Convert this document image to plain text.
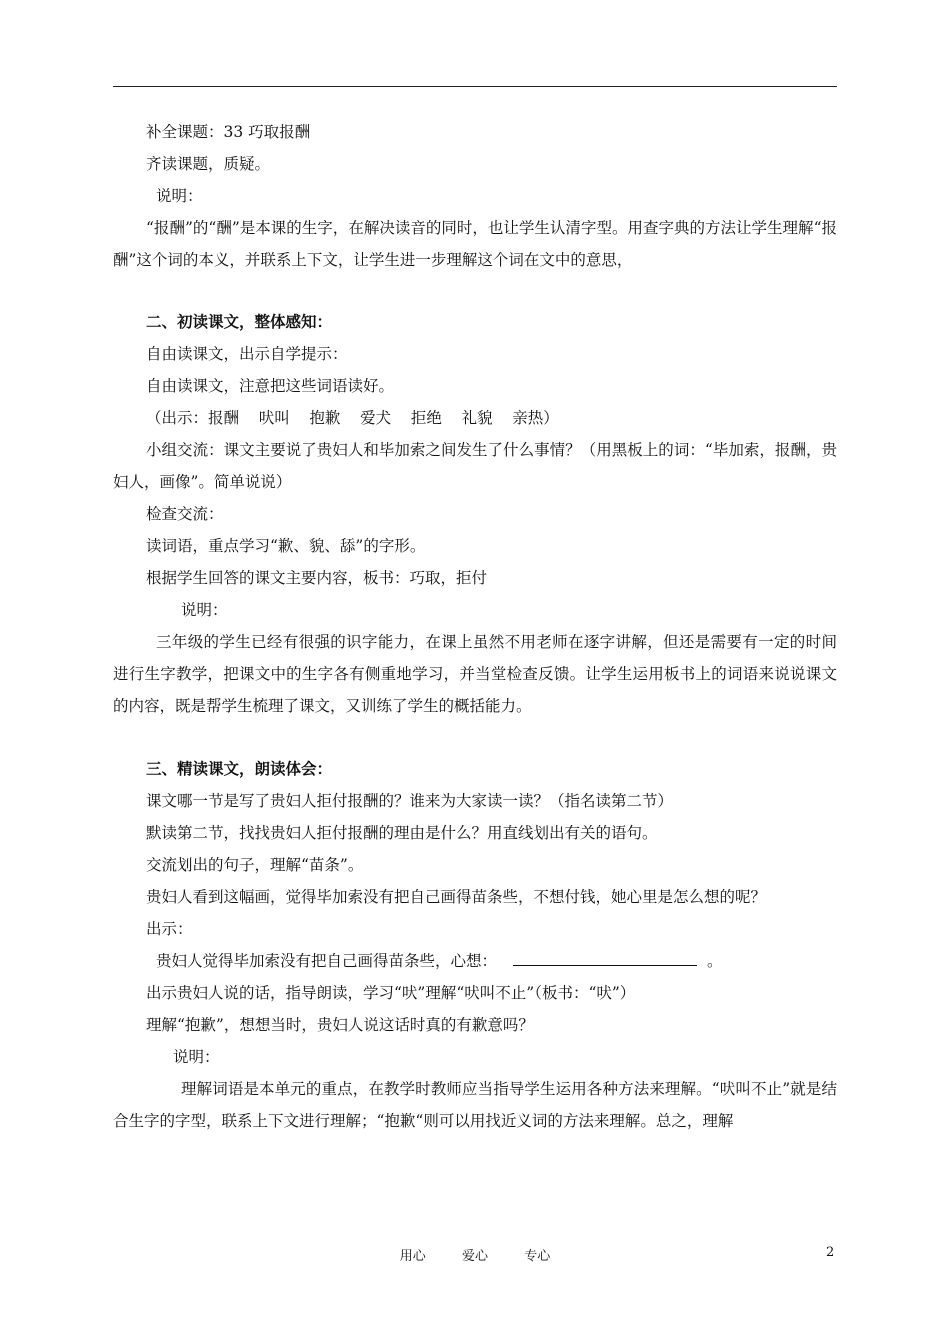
补全课题：33 巧取报酬

齐读课题，质疑。

说明：

“报酬”的“酬”是本课的生字，在解决读音的同时，也让学生认清字型。用查字典的方法让学生理解“报酬”这个词的本义，并联系上下文，让学生进一步理解这个词在文中的意思，

二、初读课文，整体感知：

自由读课文，出示自学提示：

自由读课文，注意把这些词语读好。

（出示：报酬    吠叫    抱歉    爱犬    拒绝    礼貌    亲热）

小组交流：课文主要说了贵妇人和毕加索之间发生了什么事情？（用黑板上的词：“毕加索，报酬，贵妇人，画像”。简单说说）

检查交流：

读词语，重点学习“歉、貌、舔”的字形。

根据学生回答的课文主要内容，板书：巧取，拒付

说明：

三年级的学生已经有很强的识字能力，在课上虽然不用老师在逐字讲解，但还是需要有一定的时间进行生字教学，把课文中的生字各有侧重地学习，并当堂检查反馈。让学生运用板书上的词语来说说课文的内容，既是帮学生梳理了课文，又训练了学生的概括能力。

三、精读课文，朗读体会：

课文哪一节是写了贵妇人拒付报酬的？谁来为大家读一读？（指名读第二节）

默读第二节，找找贵妇人拒付报酬的理由是什么？用直线划出有关的语句。

交流划出的句子，理解“苗条”。

贵妇人看到这幅画，觉得毕加索没有把自己画得苗条些，不想付钱，她心里是怎么想的呢？

出示：

贵妇人觉得毕加索没有把自己画得苗条些，心想：	。

出示贵妇人说的话，指导朗读，学习“吠”理解“吠叫不止”（板书：“吠”）

理解“抱歉”，想想当时，贵妇人说这话时真的有歉意吗？

说明：

理解词语是本单元的重点，在教学时教师应当指导学生运用各种方法来理解。“吠叫不止”就是结合生字的字型，联系上下文进行理解；“抱歉“则可以用找近义词的方法来理解。总之，理解

用心  爱心  专心	2
